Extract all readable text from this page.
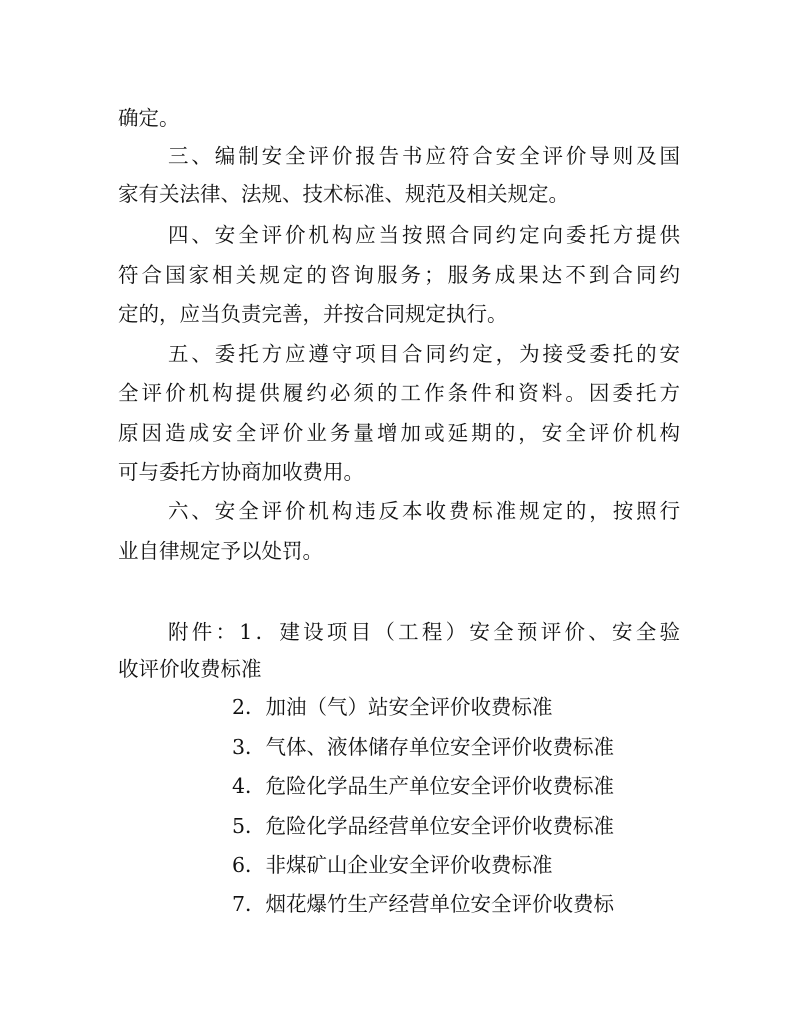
确定。
三、编制安全评价报告书应符合安全评价导则及国
家有关法律、法规、技术标准、规范及相关规定。
四、安全评价机构应当按照合同约定向委托方提供
符合国家相关规定的咨询服务；服务成果达不到合同约
定的，应当负责完善，并按合同规定执行。
五、委托方应遵守项目合同约定，为接受委托的安
全评价机构提供履约必须的工作条件和资料。因委托方
原因造成安全评价业务量增加或延期的，安全评价机构
可与委托方协商加收费用。
六、安全评价机构违反本收费标准规定的，按照行
业自律规定予以处罚。
附件：1．建设项目（工程）安全预评价、安全验
收评价收费标准
2．加油（气）站安全评价收费标准
3．气体、液体储存单位安全评价收费标准
4．危险化学品生产单位安全评价收费标准
5．危险化学品经营单位安全评价收费标准
6．非煤矿山企业安全评价收费标准
7．烟花爆竹生产经营单位安全评价收费标
